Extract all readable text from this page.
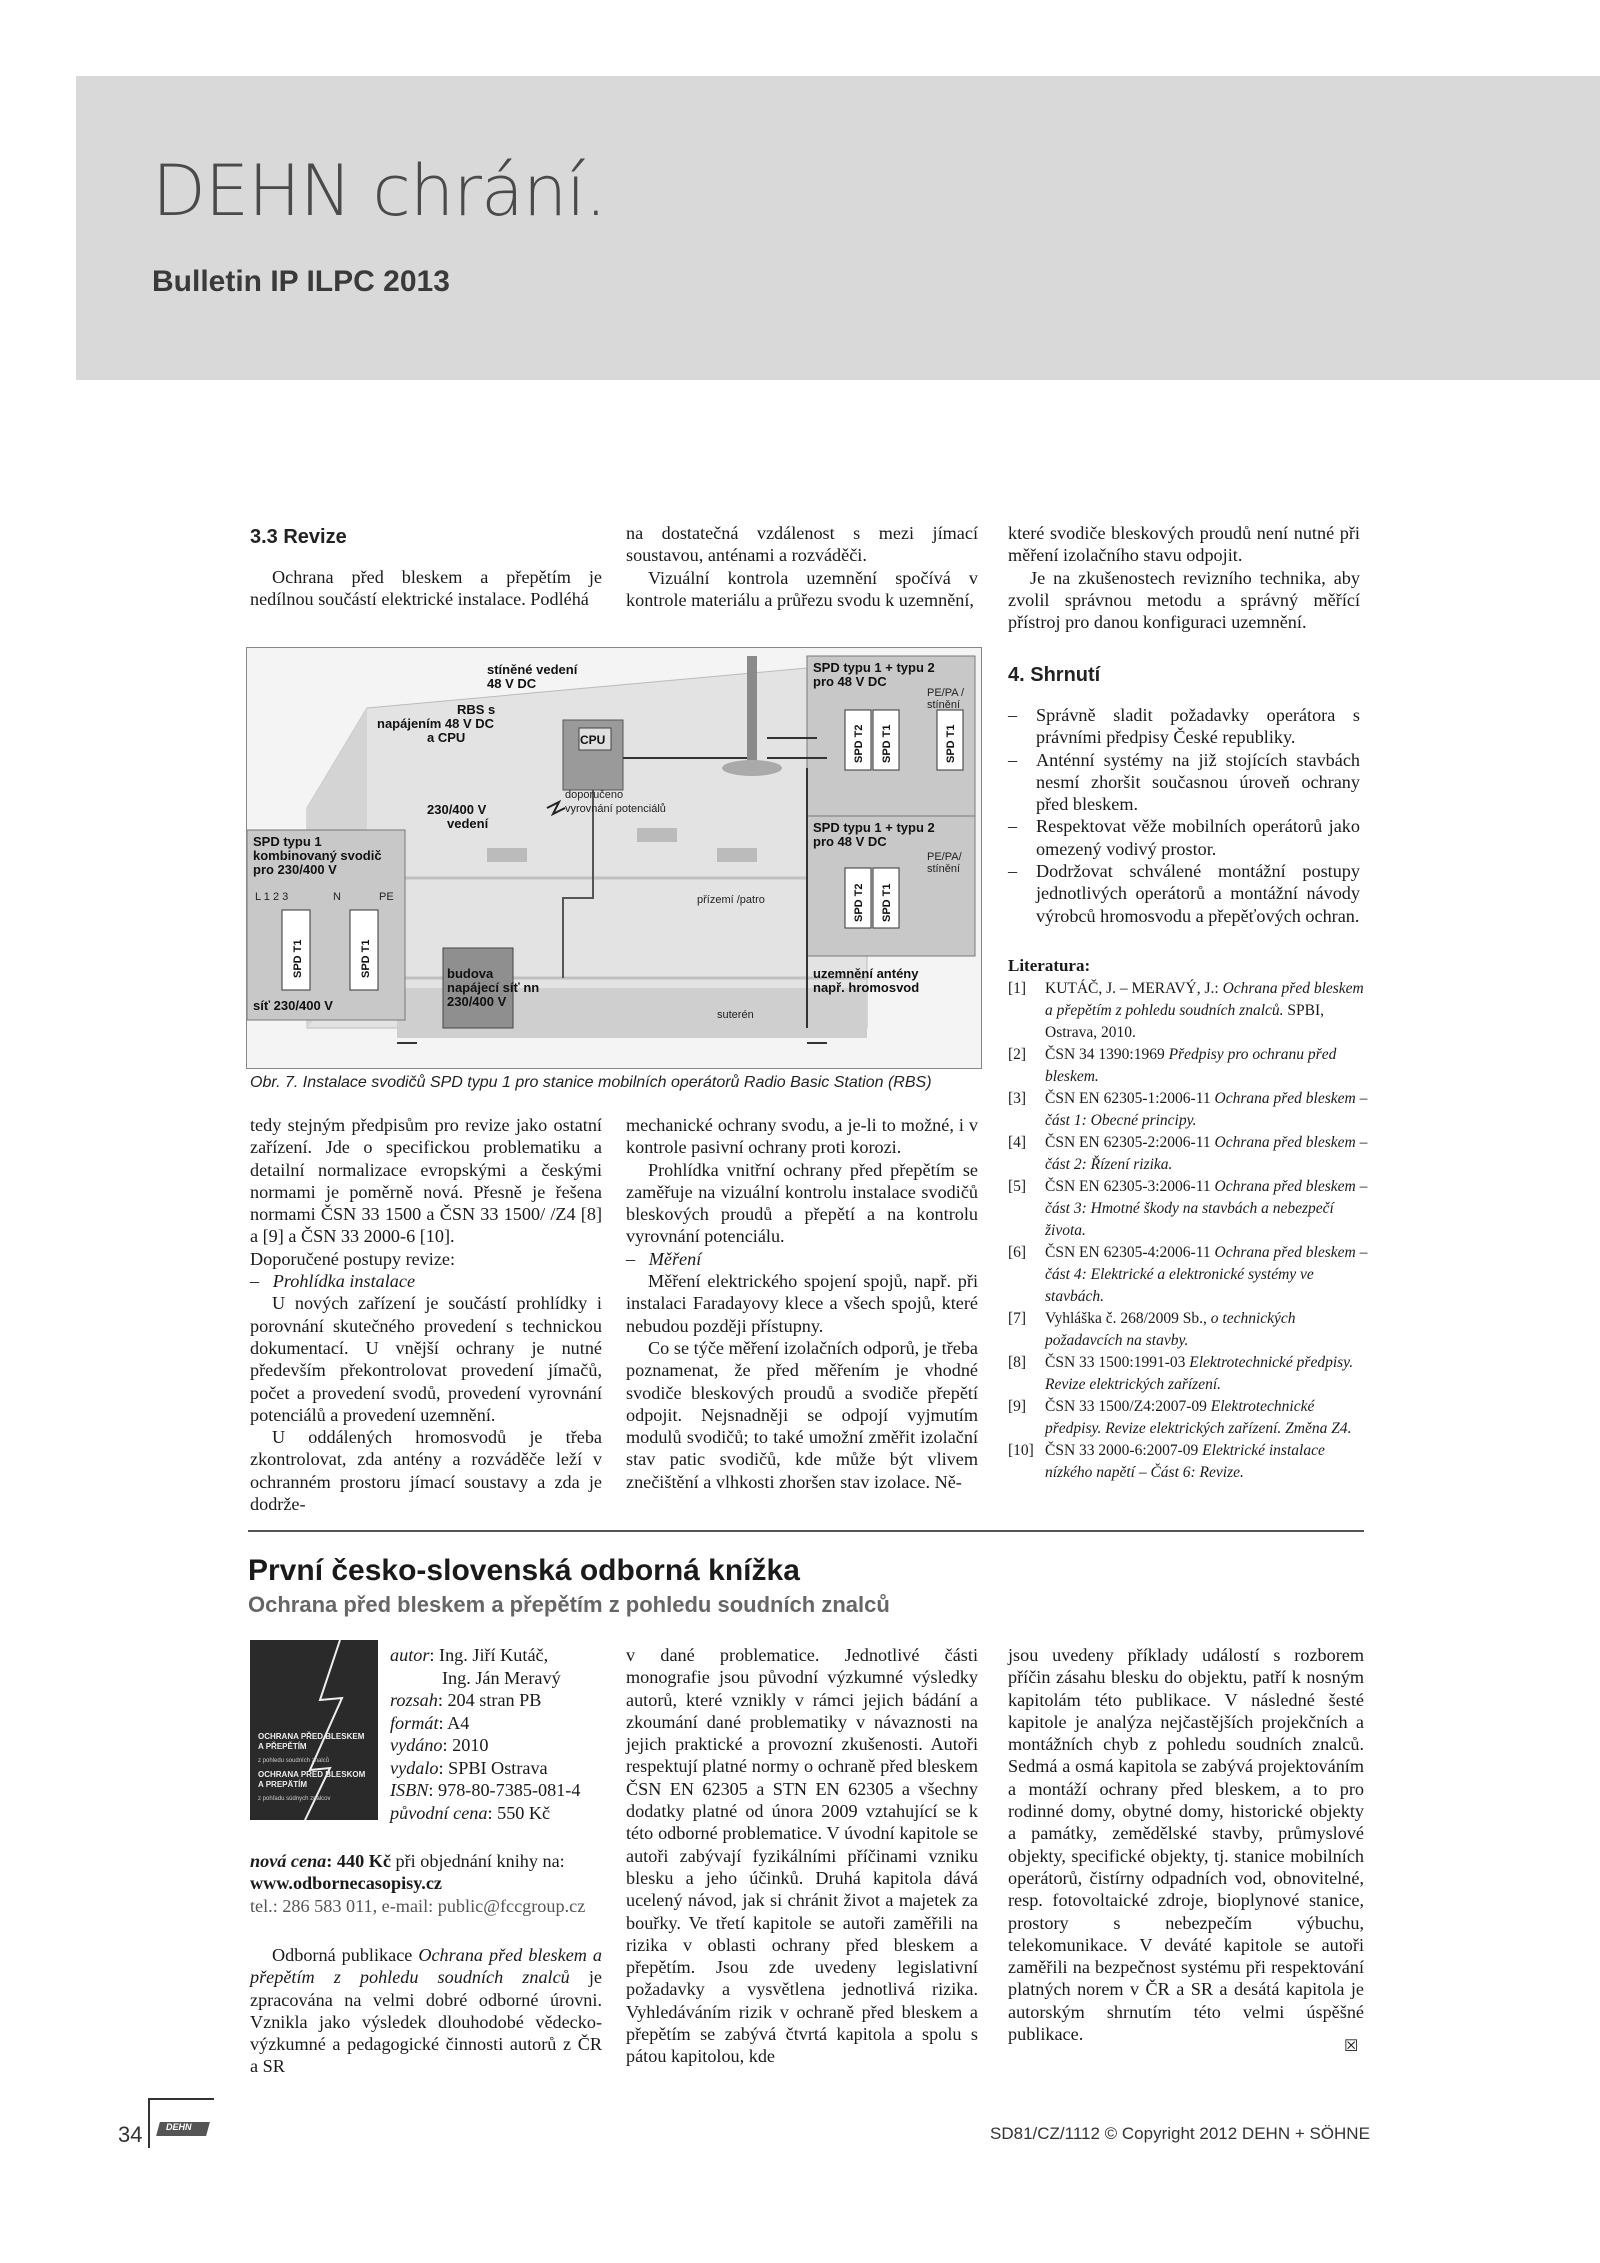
DEHN chrání.
Bulletin IP ILPC 2013
3.3 Revize

Ochrana před bleskem a přepětím je nedílnou součástí elektrické instalace. Podléhá

na dostatečná vzdálenost s mezi jímací soustavou, anténami a rozváděči.

Vizuální kontrola uzemnění spočívá v kontrole materiálu a průřezu svodu k uzemnění,

které svodiče bleskových proudů není nutné při měření izolačního stavu odpojit.

Je na zkušenostech revizního technika, aby zvolil správnou metodu a správný měřící přístroj pro danou konfiguraci uzemnění.

stíněné vedení
48 V DC
RBS s
napájením 48 V DC
a CPU	CPU
230/400 V
vedení
SPD typu 1 + typu 2
pro 48 V DC
SPD typu 1 + typu 2
pro 48 V DC
SPD typu 1
kombinovaný svodič
pro 230/400 V
síť 230/400 V
budova
napájecí síť nn
230/400 V
uzemnění antény
např. hromosvod
doporučeno
vyrovnání potenciálů
PE/PA /
stínění
PE/PA/
stínění
L 1 2 3	N	PE	přízemí /patro
suterén
SPD T1	SPD T1
SPD T2 SPD T1	SPD T1
SPD T2 SPD T1
Obr. 7. Instalace svodičů SPD typu 1 pro stanice mobilních operátorů Radio Basic Station (RBS)
4. Shrnutí
– Správně sladit požadavky operátora s právními předpisy České republiky.
– Anténní systémy na již stojících stavbách nesmí zhoršit současnou úroveň ochrany před bleskem.
– Respektovat věže mobilních operátorů jako omezený vodivý prostor.
– Dodržovat schválené montážní postupy jednotlivých operátorů a montážní návody výrobců hromosvodu a přepěťových ochran.
Literatura:
[1]	KUTÁČ, J. – MERAVÝ, J.: Ochrana před bleskem a přepětím z pohledu soudních znalců. SPBI, Ostrava, 2010.
[2]	ČSN 34 1390:1969 Předpisy pro ochranu před bleskem.
[3]	ČSN EN 62305-1:2006-11 Ochrana před bleskem – část 1: Obecné principy.
[4]	ČSN EN 62305-2:2006-11 Ochrana před bleskem – část 2: Řízení rizika.
[5]	ČSN EN 62305-3:2006-11 Ochrana před bleskem – část 3: Hmotné škody na stavbách a nebezpečí života.
[6]	ČSN EN 62305-4:2006-11 Ochrana před bleskem – část 4: Elektrické a elektronické systémy ve stavbách.
[7]	Vyhláška č. 268/2009 Sb., o technických požadavcích na stavby.
[8]	ČSN 33 1500:1991-03 Elektrotechnické předpisy. Revize elektrických zařízení.
[9]	ČSN 33 1500/Z4:2007-09 Elektrotechnické předpisy. Revize elektrických zařízení. Změna Z4.
[10] ČSN 33 2000-6:2007-09 Elektrické instalace nízkého napětí – Část 6: Revize.

tedy stejným předpisům pro revize jako ostatní zařízení. Jde o specifickou problematiku a detailní normalizace evropskými a českými normami je poměrně nová. Přesně je řešena normami ČSN 33 1500 a ČSN 33 1500/ /Z4 [8] a [9] a ČSN 33 2000-6 [10].

Doporučené postupy revize:

–   Prohlídka instalace

U nových zařízení je součástí prohlídky i porovnání skutečného provedení s technickou dokumentací. U vnější ochrany je nutné především překontrolovat provedení jímačů, počet a provedení svodů, provedení vyrovnání potenciálů a provedení uzemnění.

U oddálených hromosvodů je třeba zkontrolovat, zda antény a rozváděče leží v ochranném prostoru jímací soustavy a zda je dodrže-

mechanické ochrany svodu, a je-li to možné, i v kontrole pasivní ochrany proti korozi.

Prohlídka vnitřní ochrany před přepětím se zaměřuje na vizuální kontrolu instalace svodičů bleskových proudů a přepětí a na kontrolu vyrovnání potenciálu.

–   Měření

Měření elektrického spojení spojů, např. při instalaci Faradayovy klece a všech spojů, které nebudou později přístupny.

Co se týče měření izolačních odporů, je třeba poznamenat, že před měřením je vhodné svodiče bleskových proudů a svodiče přepětí odpojit. Nejsnadněji se odpojí vyjmutím modulů svodičů; to také umožní změřit izolační stav patic svodičů, kde může být vlivem znečištění a vlhkosti zhoršen stav izolace. Ně-

První česko-slovenská odborná knížka
Ochrana před bleskem a přepětím z pohledu soudních znalců
OCHRANA PŘED BLESKEM A PŘEPĚTÍM
z pohledu soudních znalců
OCHRANA PRED BLESKOM A PREPÄTÍM
z pohľadu súdnych znalcov
autor: Ing. Jiří Kutáč,
Ing. Ján Meravý
rozsah: 204 stran PB
formát: A4
vydáno: 2010
vydalo: SPBI Ostrava
ISBN: 978-80-7385-081-4
původní cena: 550 Kč

nová cena: 440 Kč při objednání knihy na:

www.odbornecasopisy.cz

tel.: 286 583 011, e-mail: public@fccgroup.cz

Odborná publikace Ochrana před bleskem a přepětím z pohledu soudních znalců je zpracována na velmi dobré odborné úrovni. Vznikla jako výsledek dlouhodobé vědecko-výzkumné a pedagogické činnosti autorů z ČR a SR

v dané problematice. Jednotlivé části monografie jsou původní výzkumné výsledky autorů, které vznikly v rámci jejich bádání a zkoumání dané problematiky v návaznosti na jejich praktické a provozní zkušenosti. Autoři respektují platné normy o ochraně před bleskem ČSN EN 62305 a STN EN 62305 a všechny dodatky platné od února 2009 vztahující se k této odborné problematice. V úvodní kapitole se autoři zabývají fyzikálními příčinami vzniku blesku a jeho účinků. Druhá kapitola dává ucelený návod, jak si chránit život a majetek za bouřky. Ve třetí kapitole se autoři zaměřili na rizika v oblasti ochrany před bleskem a přepětím. Jsou zde uvedeny legislativní požadavky a vysvětlena jednotlivá rizika. Vyhledáváním rizik v ochraně před bleskem a přepětím se zabývá čtvrtá kapitola a spolu s pátou kapitolou, kde

jsou uvedeny příklady událostí s rozborem příčin zásahu blesku do objektu, patří k nosným kapitolám této publikace. V následné šesté kapitole je analýza nejčastějších projekčních a montážních chyb z pohledu soudních znalců. Sedmá a osmá kapitola se zabývá projektováním a montáží ochrany před bleskem, a to pro rodinné domy, obytné domy, historické objekty a památky, zemědělské stavby, průmyslové objekty, specifické objekty, tj. stanice mobilních operátorů, čistírny odpadních vod, obnovitelné, resp. fotovoltaické zdroje, bioplynové stanice, prostory s nebezpečím výbuchu, telekomunikace. V deváté kapitole se autoři zaměřili na bezpečnost systému při respektování platných norem v ČR a SR a desátá kapitola je autorským shrnutím této velmi úspěšné publikace.

☒
34	DEHN	SD81/CZ/1112 © Copyright 2012 DEHN + SÖHNE
